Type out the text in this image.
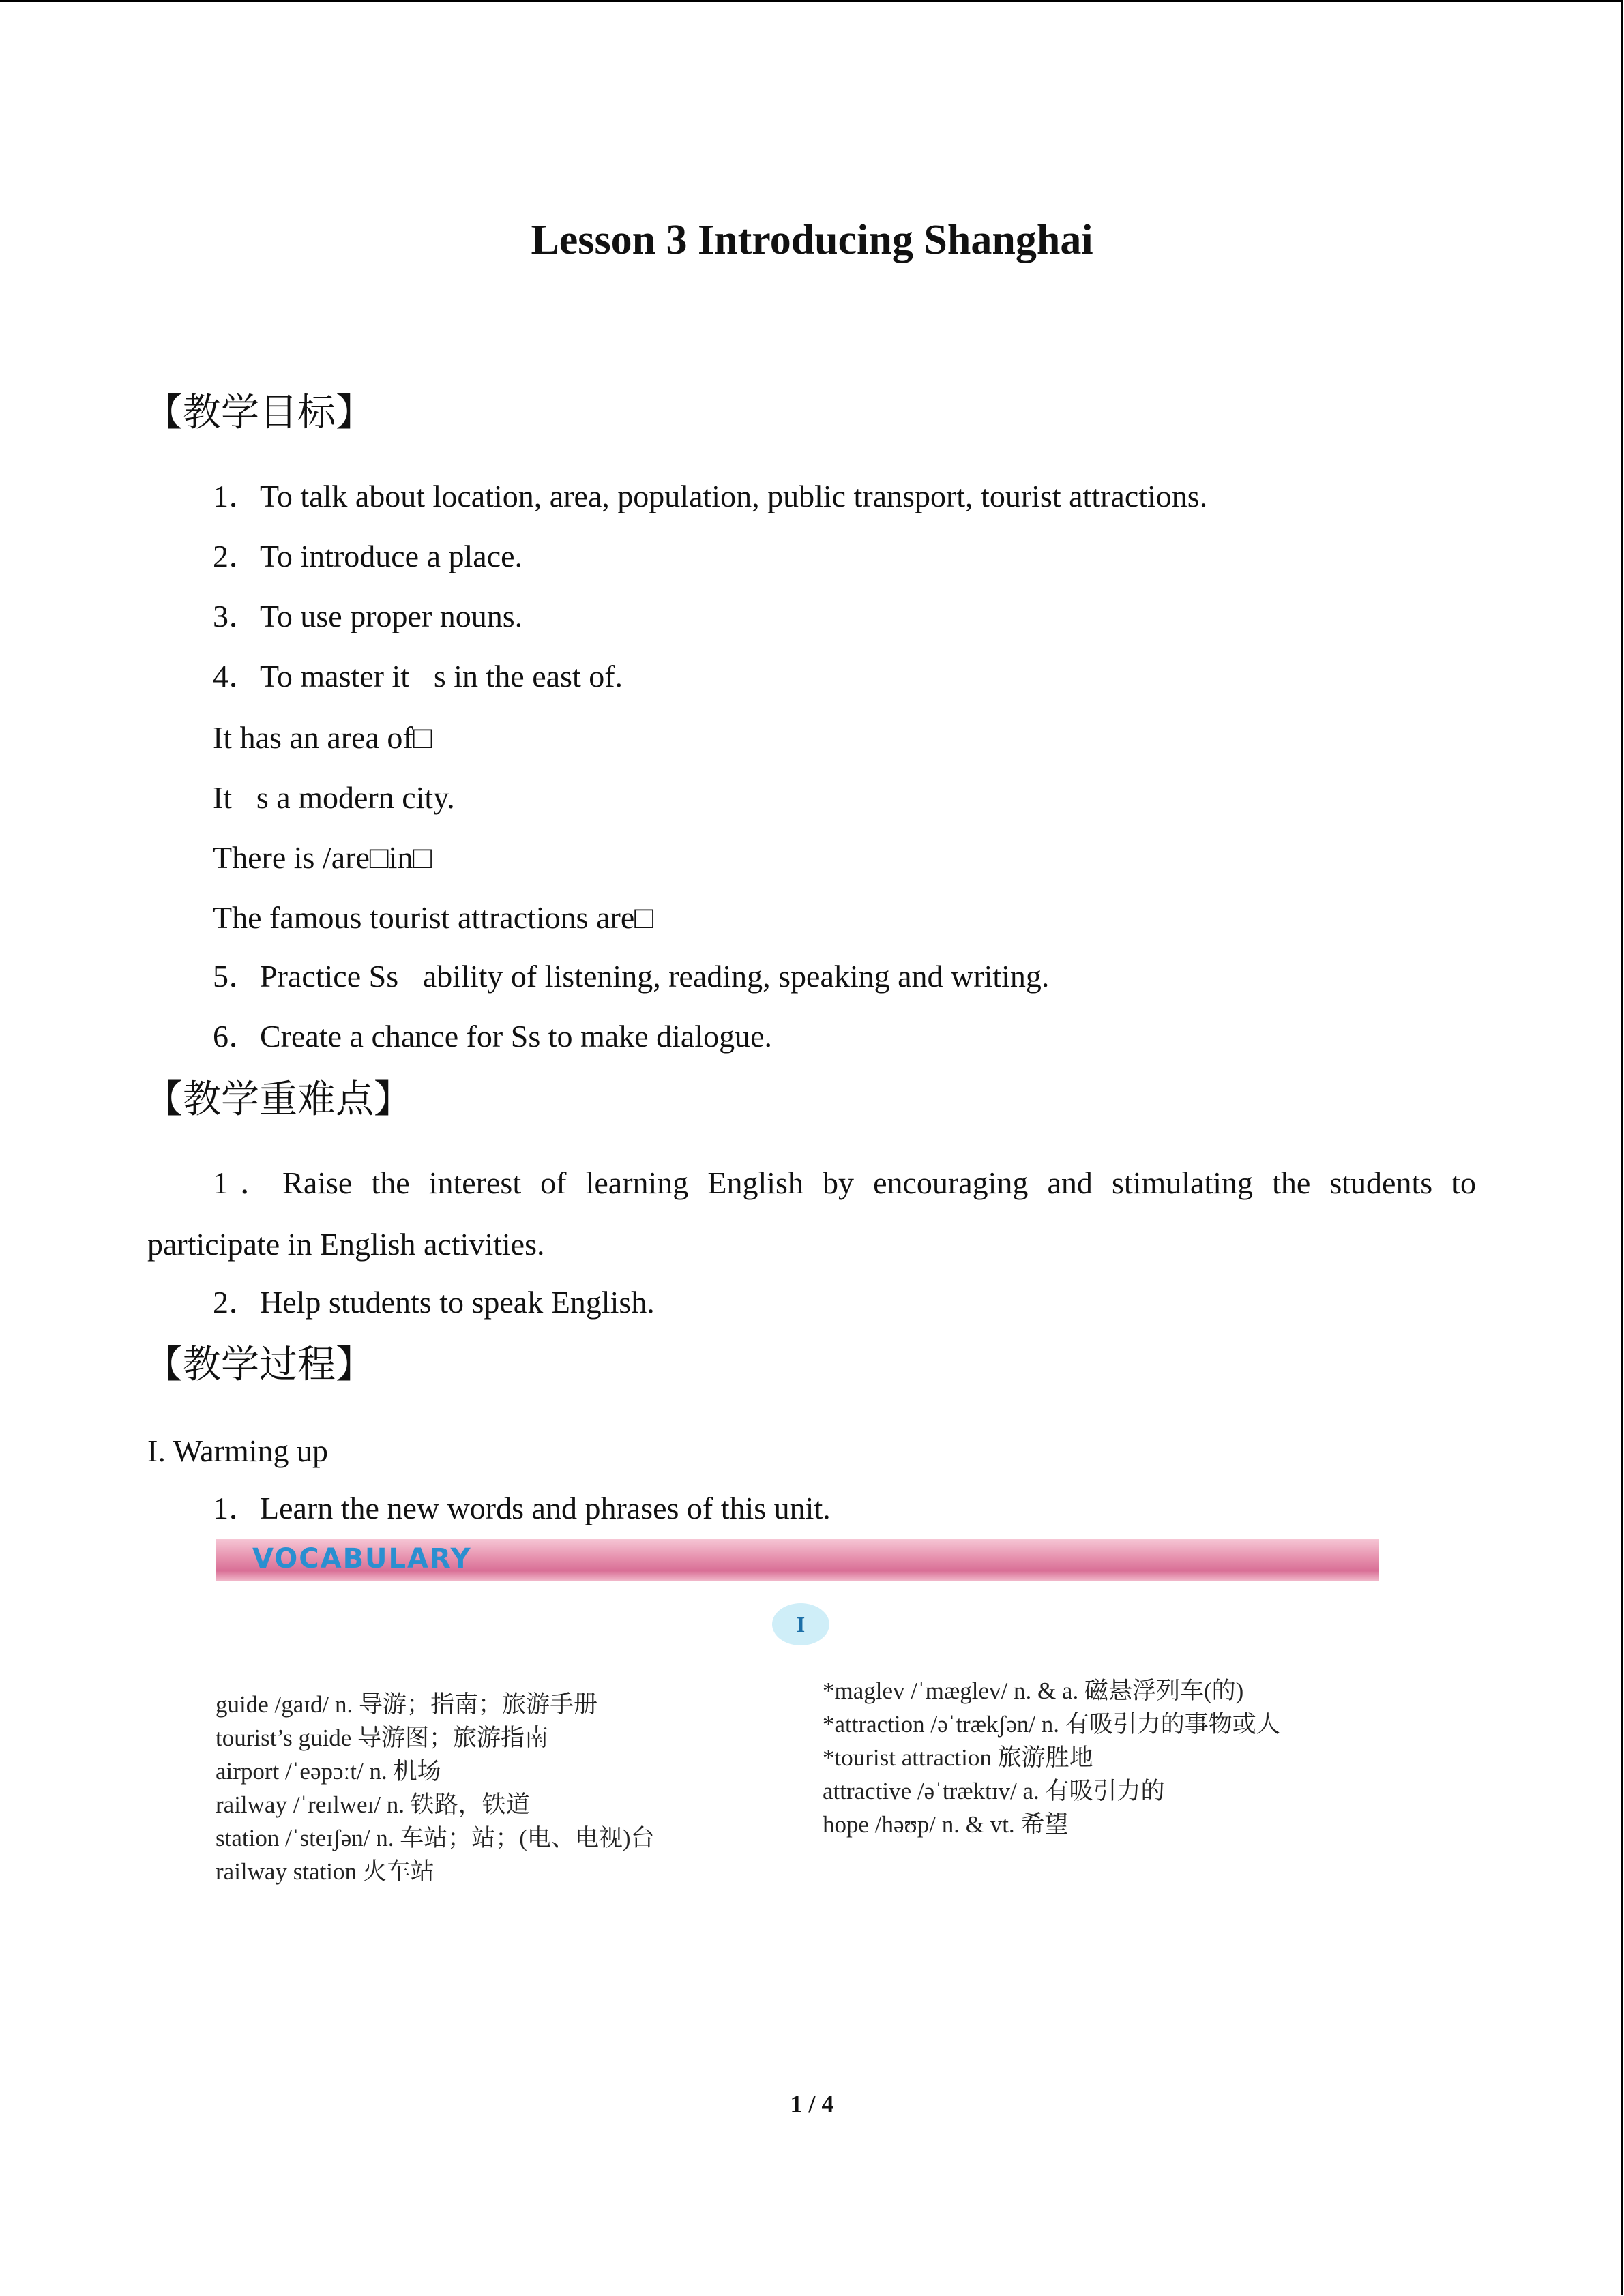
Lesson 3 Introducing Shanghai
【教学目标】
1．To talk about location, area, population, public transport, tourist attractions.
2．To introduce a place.
3．To use proper nouns.
4．To master it s in the east of.
It has an area of□
It s a modern city.
There is /are□in□
The famous tourist attractions are□
5．Practice Ss ability of listening, reading, speaking and writing.
6．Create a chance for Ss to make dialogue.
【教学重难点】
1．Raise the interest of learning English by encouraging and stimulating the students to
participate in English activities.
2．Help students to speak English.
【教学过程】
I. Warming up
1．Learn the new words and phrases of this unit.
VOCABULARY
I
guide /gaɪd/ n. 导游；指南；旅游手册
tourist’s guide 导游图；旅游指南
airport /ˈeəpɔːt/ n. 机场
railway /ˈreɪlweɪ/ n. 铁路，铁道
station /ˈsteɪʃən/ n. 车站；站；(电、电视)台
railway station 火车站
*maglev /ˈmæglev/ n. & a. 磁悬浮列车(的)
*attraction /əˈtrækʃən/ n. 有吸引力的事物或人
*tourist attraction 旅游胜地
attractive /əˈtræktɪv/ a. 有吸引力的
hope /həʊp/ n. & vt. 希望
1 / 4
